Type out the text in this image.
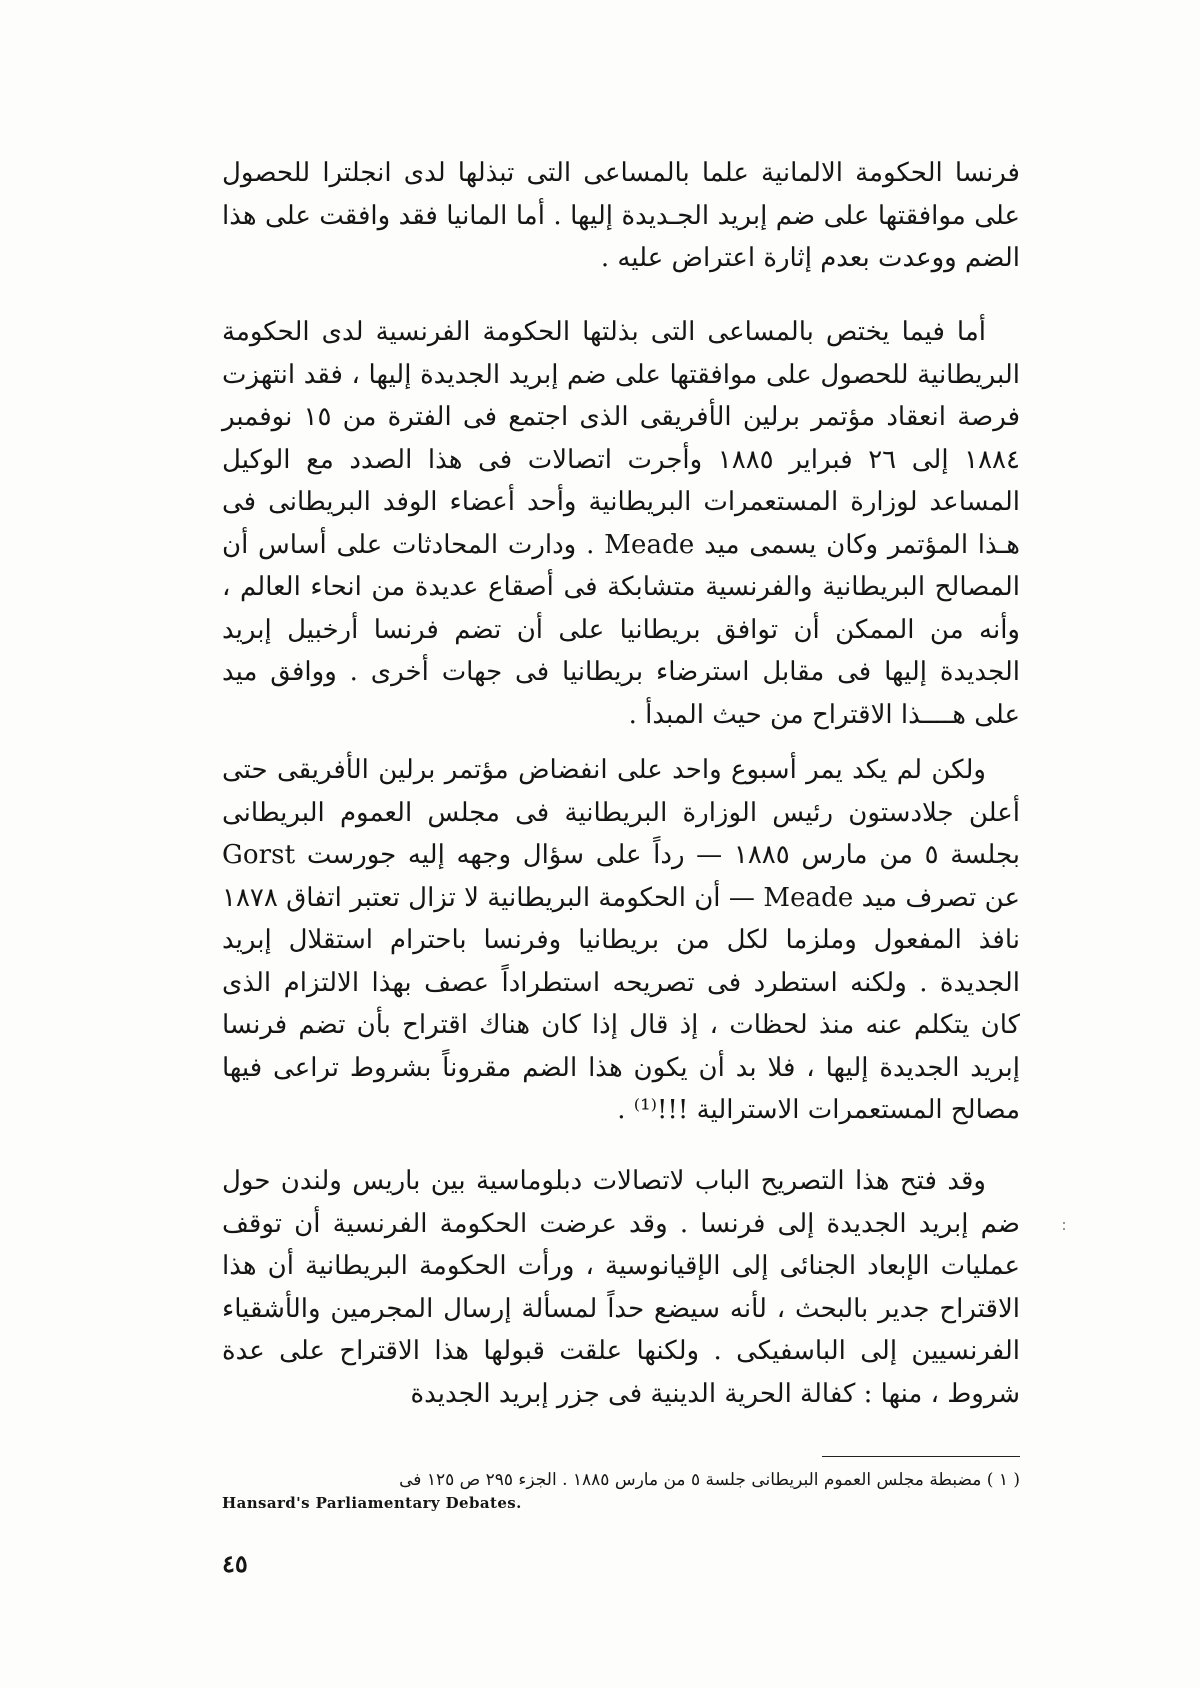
فرنسا الحكومة الالمانية علما بالمساعى التى تبذلها لدى انجلترا للحصول على موافقتها على ضم إبريد الجـديدة إليها . أما المانيا فقد وافقت على هذا الضم ووعدت بعدم إثارة اعتراض عليه .

أما فيما يختص بالمساعى التى بذلتها الحكومة الفرنسية لدى الحكومة البريطانية للحصول على موافقتها على ضم إبريد الجديدة إليها ، فقد انتهزت فرصة انعقاد مؤتمر برلين الأفريقى الذى اجتمع فى الفترة من ١٥ نوفمبر ١٨٨٤ إلى ٢٦ فبراير ١٨٨٥ وأجرت اتصالات فى هذا الصدد مع الوكيل المساعد لوزارة المستعمرات البريطانية وأحد أعضاء الوفد البريطانى فى هـذا المؤتمر وكان يسمى ميد Meade . ودارت المحادثات على أساس أن المصالح البريطانية والفرنسية متشابكة فى أصقاع عديدة من انحاء العالم ، وأنه من الممكن أن توافق بريطانيا على أن تضم فرنسا أرخبيل إبريد الجديدة إليها فى مقابل استرضاء بريطانيا فى جهات أخرى . ووافق ميد على هــــذا الاقتراح من حيث المبدأ .

ولكن لم يكد يمر أسبوع واحد على انفضاض مؤتمر برلين الأفريقى حتى أعلن جلادستون رئيس الوزارة البريطانية فى مجلس العموم البريطانى بجلسة ٥ من مارس ١٨٨٥ — رداً على سؤال وجهه إليه جورست Gorst عن تصرف ميد Meade — أن الحكومة البريطانية لا تزال تعتبر اتفاق ١٨٧٨ نافذ المفعول وملزما لكل من بريطانيا وفرنسا باحترام استقلال إبريد الجديدة . ولكنه استطرد فى تصريحه استطراداً عصف بهذا الالتزام الذى كان يتكلم عنه منذ لحظات ، إذ قال إذا كان هناك اقتراح بأن تضم فرنسا إبريد الجديدة إليها ، فلا بد أن يكون هذا الضم مقروناً بشروط تراعى فيها مصالح المستعمرات الاسترالية !!!⁽¹⁾ .

وقد فتح هذا التصريح الباب لاتصالات دبلوماسية بين باريس ولندن حول ضم إبريد الجديدة إلى فرنسا . وقد عرضت الحكومة الفرنسية أن توقف عمليات الإبعاد الجنائى إلى الإقيانوسية ، ورأت الحكومة البريطانية أن هذا الاقتراح جدير بالبحث ، لأنه سيضع حداً لمسألة إرسال المجرمين والأشقياء الفرنسيين إلى الباسفيكى . ولكنها علقت قبولها هذا الاقتراح على عدة شروط ، منها : كفالة الحرية الدينية فى جزر إبريد الجديدة

( ١ ) مضبطة مجلس العموم البريطانى جلسة ٥ من مارس ١٨٨٥ . الجزء ٢٩٥ ص ١٢٥ فى
Hansard's Parliamentary Debates.
٤٥
